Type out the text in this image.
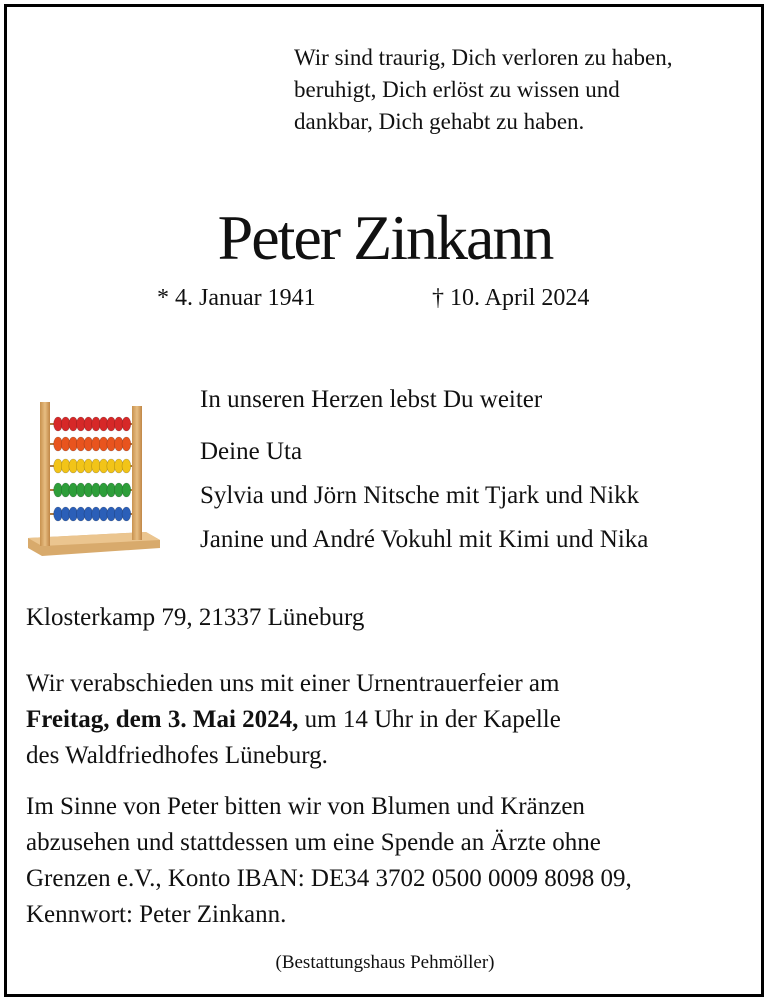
Wir sind traurig, Dich verloren zu haben,
beruhigt, Dich erlöst zu wissen und
dankbar, Dich gehabt zu haben.
Peter Zinkann
* 4. Januar 1941	† 10. April 2024
In unseren Herzen lebst Du weiter
Deine Uta
Sylvia und Jörn Nitsche mit Tjark und Nikk
Janine und André Vokuhl mit Kimi und Nika
Klosterkamp 79, 21337 Lüneburg
Wir verabschieden uns mit einer Urnentrauerfeier am
Freitag, dem 3. Mai 2024, um 14 Uhr in der Kapelle
des Waldfriedhofes Lüneburg.
Im Sinne von Peter bitten wir von Blumen und Kränzen
abzusehen und stattdessen um eine Spende an Ärzte ohne
Grenzen e.V., Konto IBAN: DE34 3702 0500 0009 8098 09,
Kennwort: Peter Zinkann.
(Bestattungshaus Pehmöller)
